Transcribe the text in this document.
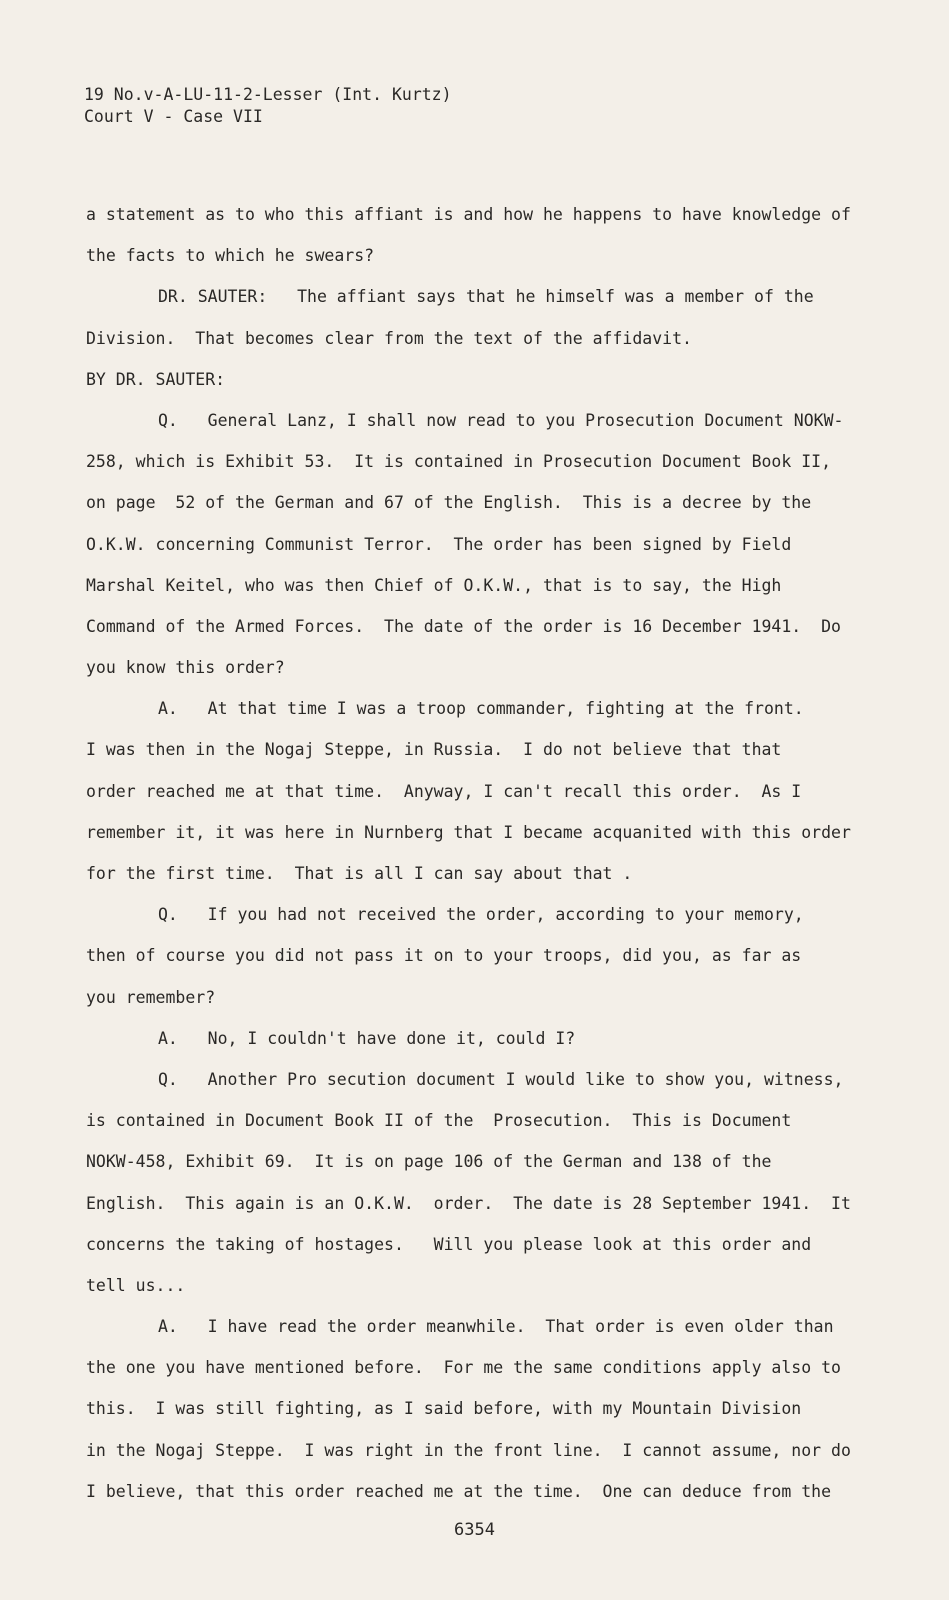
19 No.v-A-LU-11-2-Lesser (Int. Kurtz)
Court V - Case VII
a statement as to who this affiant is and how he happens to have knowledge of
the facts to which he swears?
DR. SAUTER:   The affiant says that he himself was a member of the
Division.  That becomes clear from the text of the affidavit.
BY DR. SAUTER:
Q.   General Lanz, I shall now read to you Prosecution Document NOKW-
258, which is Exhibit 53.  It is contained in Prosecution Document Book II,
on page  52 of the German and 67 of the English.  This is a decree by the
O.K.W. concerning Communist Terror.  The order has been signed by Field
Marshal Keitel, who was then Chief of O.K.W., that is to say, the High
Command of the Armed Forces.  The date of the order is 16 December 1941.  Do
you know this order?
A.   At that time I was a troop commander, fighting at the front.
I was then in the Nogaj Steppe, in Russia.  I do not believe that that
order reached me at that time.  Anyway, I can't recall this order.  As I
remember it, it was here in Nurnberg that I became acquanited with this order
for the first time.  That is all I can say about that .
Q.   If you had not received the order, according to your memory,
then of course you did not pass it on to your troops, did you, as far as
you remember?
A.   No, I couldn't have done it, could I?
Q.   Another Pro secution document I would like to show you, witness,
is contained in Document Book II of the  Prosecution.  This is Document
NOKW-458, Exhibit 69.  It is on page 106 of the German and 138 of the
English.  This again is an O.K.W.  order.  The date is 28 September 1941.  It
concerns the taking of hostages.   Will you please look at this order and
tell us...
A.   I have read the order meanwhile.  That order is even older than
the one you have mentioned before.  For me the same conditions apply also to
this.  I was still fighting, as I said before, with my Mountain Division
in the Nogaj Steppe.  I was right in the front line.  I cannot assume, nor do
I believe, that this order reached me at the time.  One can deduce from the
6354
